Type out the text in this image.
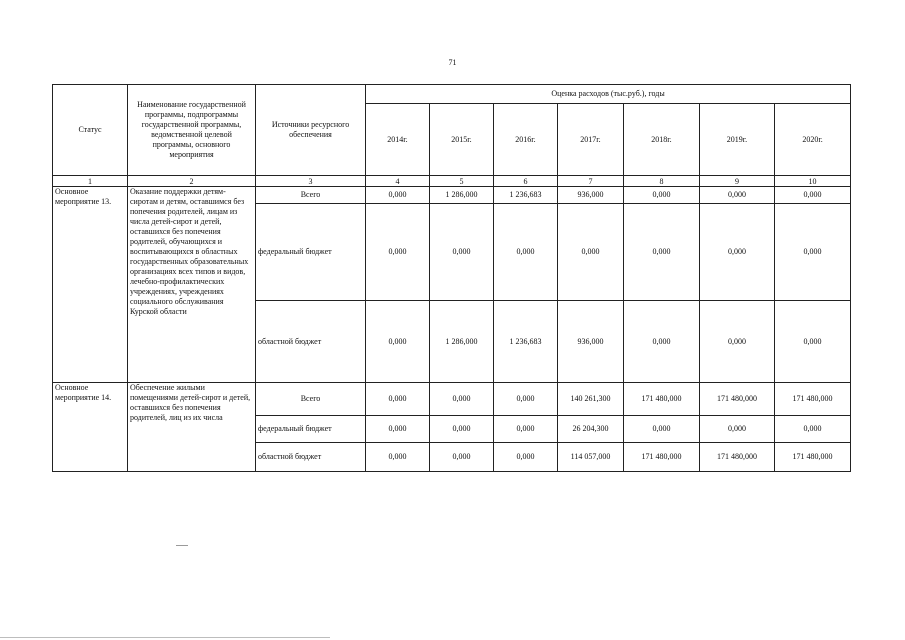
71
Статус	Наименование государственной программы, подпрограммы государственной программы, ведомственной целевой программы, основного мероприятия	Источники ресурсного обеспечения	Оценка расходов (тыс.руб.), годы						
			2014г.	2015г.	2016г.	2017г.	2018г.	2019г.	2020г.
1	2	3	4	5	6	7	8	9	10
Основное мероприятие 13.	Оказание поддержки детям-сиротам и детям, оставшимся без попечения родителей, лицам из числа детей-сирот и детей, оставшихся без попечения родителей, обучающихся и воспитывающихся в областных государственных образовательных организациях всех типов и видов, лечебно-профилактических учреждениях, учреждениях социального обслуживания Курской области	Всего	0,000	1 286,000	1 236,683	936,000	0,000	0,000	0,000
		федеральный бюджет	0,000	0,000	0,000	0,000	0,000	0,000	0,000
		областной бюджет	0,000	1 286,000	1 236,683	936,000	0,000	0,000	0,000
Основное мероприятие 14.	Обеспечение жилыми помещениями детей-сирот и детей, оставшихся без попечения родителей, лиц из их числа	Всего	0,000	0,000	0,000	140 261,300	171 480,000	171 480,000	171 480,000
		федеральный бюджет	0,000	0,000	0,000	26 204,300	0,000	0,000	0,000
		областной бюджет	0,000	0,000	0,000	114 057,000	171 480,000	171 480,000	171 480,000
